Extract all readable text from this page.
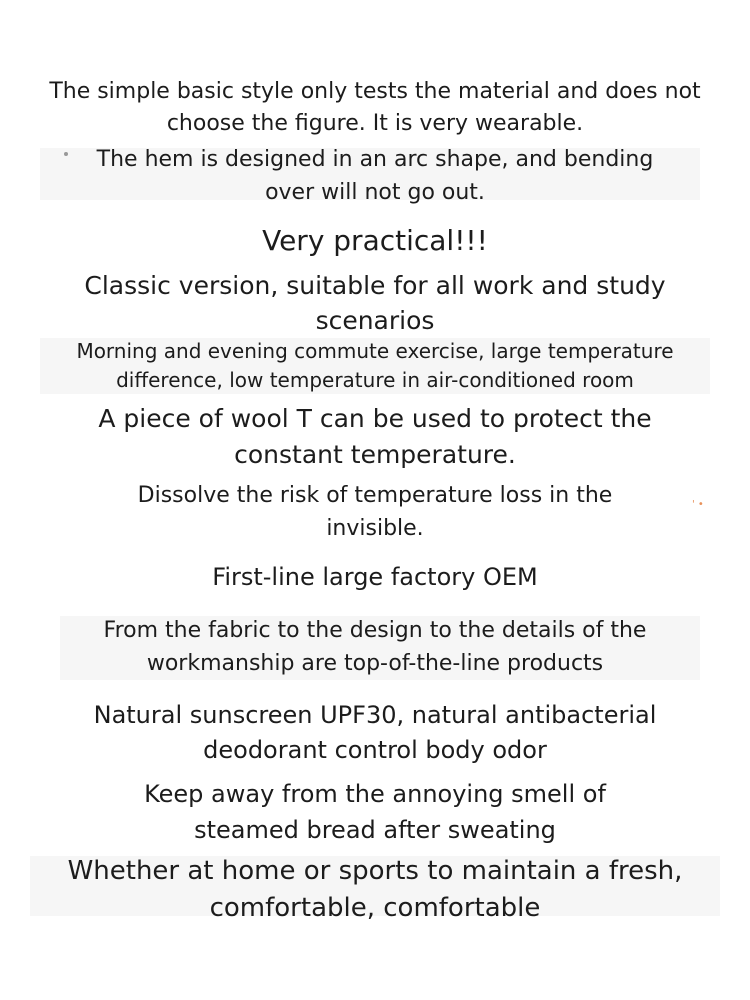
The simple basic style only tests the material and does not
choose the figure. It is very wearable.
The hem is designed in an arc shape, and bending
over will not go out.
Very practical!!!
Classic version, suitable for all work and study
scenarios
Morning and evening commute exercise, large temperature
difference, low temperature in air-conditioned room
A piece of wool T can be used to protect the
constant temperature.
Dissolve the risk of temperature loss in the
invisible.
' •
First-line large factory OEM
From the fabric to the design to the details of the
workmanship are top-of-the-line products
Natural sunscreen UPF30, natural antibacterial
deodorant control body odor
Keep away from the annoying smell of
steamed bread after sweating
Whether at home or sports to maintain a fresh,
comfortable, comfortable
